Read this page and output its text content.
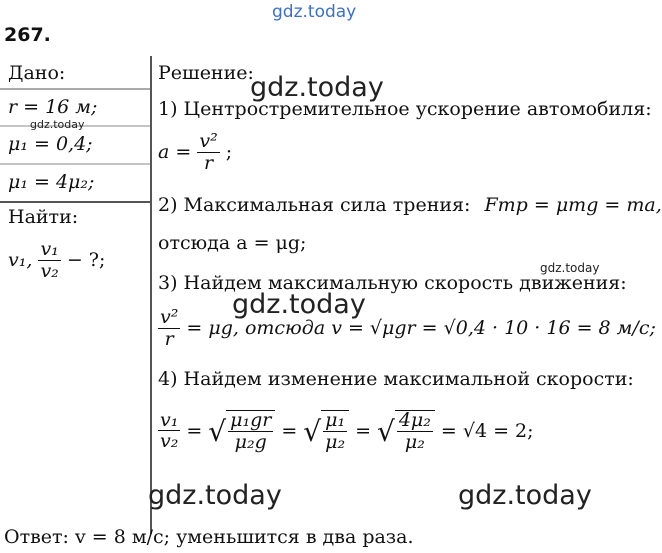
gdz.today
267.
Дано:
r = 16 м;
gdz.today
μ₁ = 0,4;
μ₁ = 4μ₂;
Найти:
v₁, $\frac{\text{v₁}}{\text{v₂}}$ − ?;
Решение:
gdz.today
1) Центростремительное ускорение автомобиля:
$a = \frac{\text{v²}}{r}$ ;
2) Максимальная сила трения: Fтр = μmg = ma,
отсюда a = μg;
3) Найдем максимальную скорость движения:
gdz.today
gdz.today
$\frac{\text{v²}}{r} = \mu g$, отсюда v = √μgr = √0,4 · 10 · 16 = 8 м/с;
4) Найдем изменение максимальной скорости:
$\frac{\text{v₁}}{\text{v₂}}$ = √ $\frac{\text{μ₁gr}}{\text{μ₂g}}$ = √ $\frac{\text{μ₁}}{\text{μ₂}}$ = √ $\frac{\text{4μ₂}}{\text{μ₂}} = √4 = 2$;
gdz.today	gdz.today
Ответ: v = 8 м/с; уменьшится в два раза.
